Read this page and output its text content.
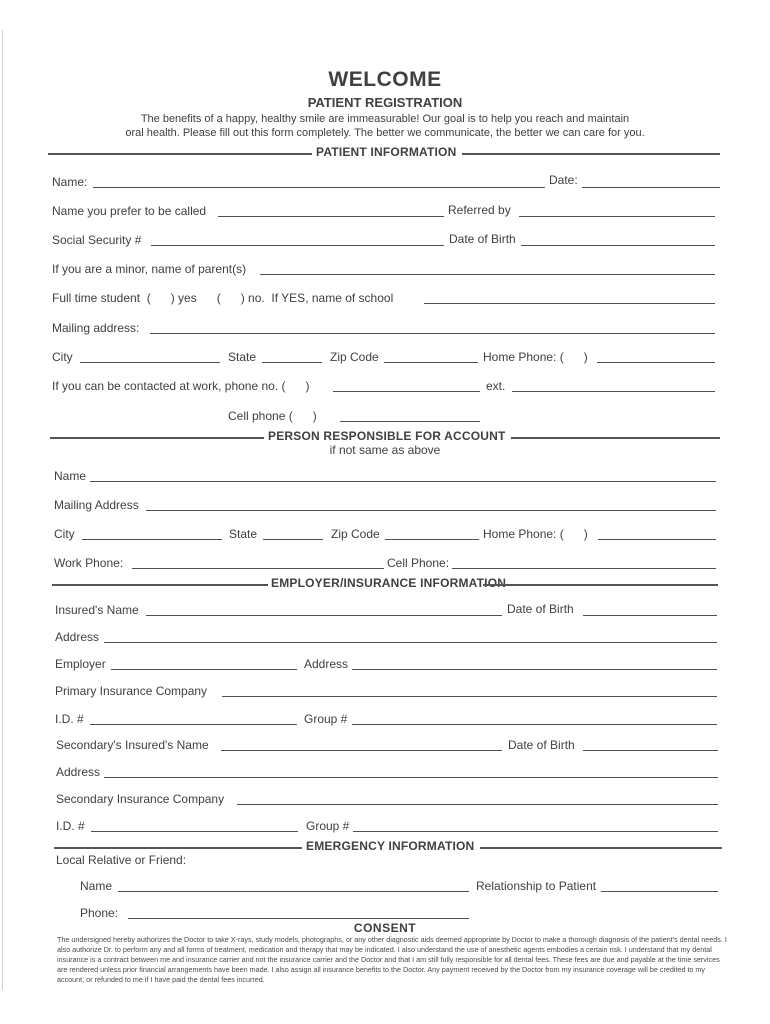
WELCOME
PATIENT REGISTRATION
The benefits of a happy, healthy smile are immeasurable! Our goal is to help you reach and maintain
oral health. Please fill out this form completely. The better we communicate, the better we can care for you.
PATIENT INFORMATION
Name:	Date:
Name you prefer to be called	Referred by
Social Security #	Date of Birth
If you are a minor, name of parent(s)
Full time student  (      ) yes      (      ) no.  If YES, name of school
Mailing address:
City	State	Zip Code	Home Phone: (      )
If you can be contacted at work, phone no. (      )	ext.
Cell phone (      )
PERSON RESPONSIBLE FOR ACCOUNT
if not same as above
Name
Mailing Address
City	State	Zip Code	Home Phone: (      )
Work Phone:	Cell Phone:
EMPLOYER/INSURANCE INFORMATION
Insured's Name	Date of Birth
Address
Employer	Address
Primary Insurance Company
I.D. #	Group #
Secondary's Insured's Name	Date of Birth
Address
Secondary Insurance Company
I.D. #	Group #
EMERGENCY INFORMATION
Local Relative or Friend:
Name	Relationship to Patient
Phone:
CONSENT
The undersigned hereby authorizes the Doctor to take X-rays, study models, photographs, or any other diagnostic aids deemed appropriate by Doctor to make a thorough diagnosis of the patient's dental needs. I also authorize Dr. to perform any and all forms of treatment, medication and therapy that may be indicated. I also understand the use of anesthetic agents embodies a certain risk. I understand that my dental insurance is a contract between me and insurance carrier and not the insurance carrier and the Doctor and that I am still fully responsible for all dental fees. These fees are due and payable at the time services are rendered unless prior financial arrangements have been made. I also assign all insurance benefits to the Doctor. Any payment received by the Doctor from my insurance coverage will be credited to my account, or refunded to me if I have paid the dental fees incurred.
